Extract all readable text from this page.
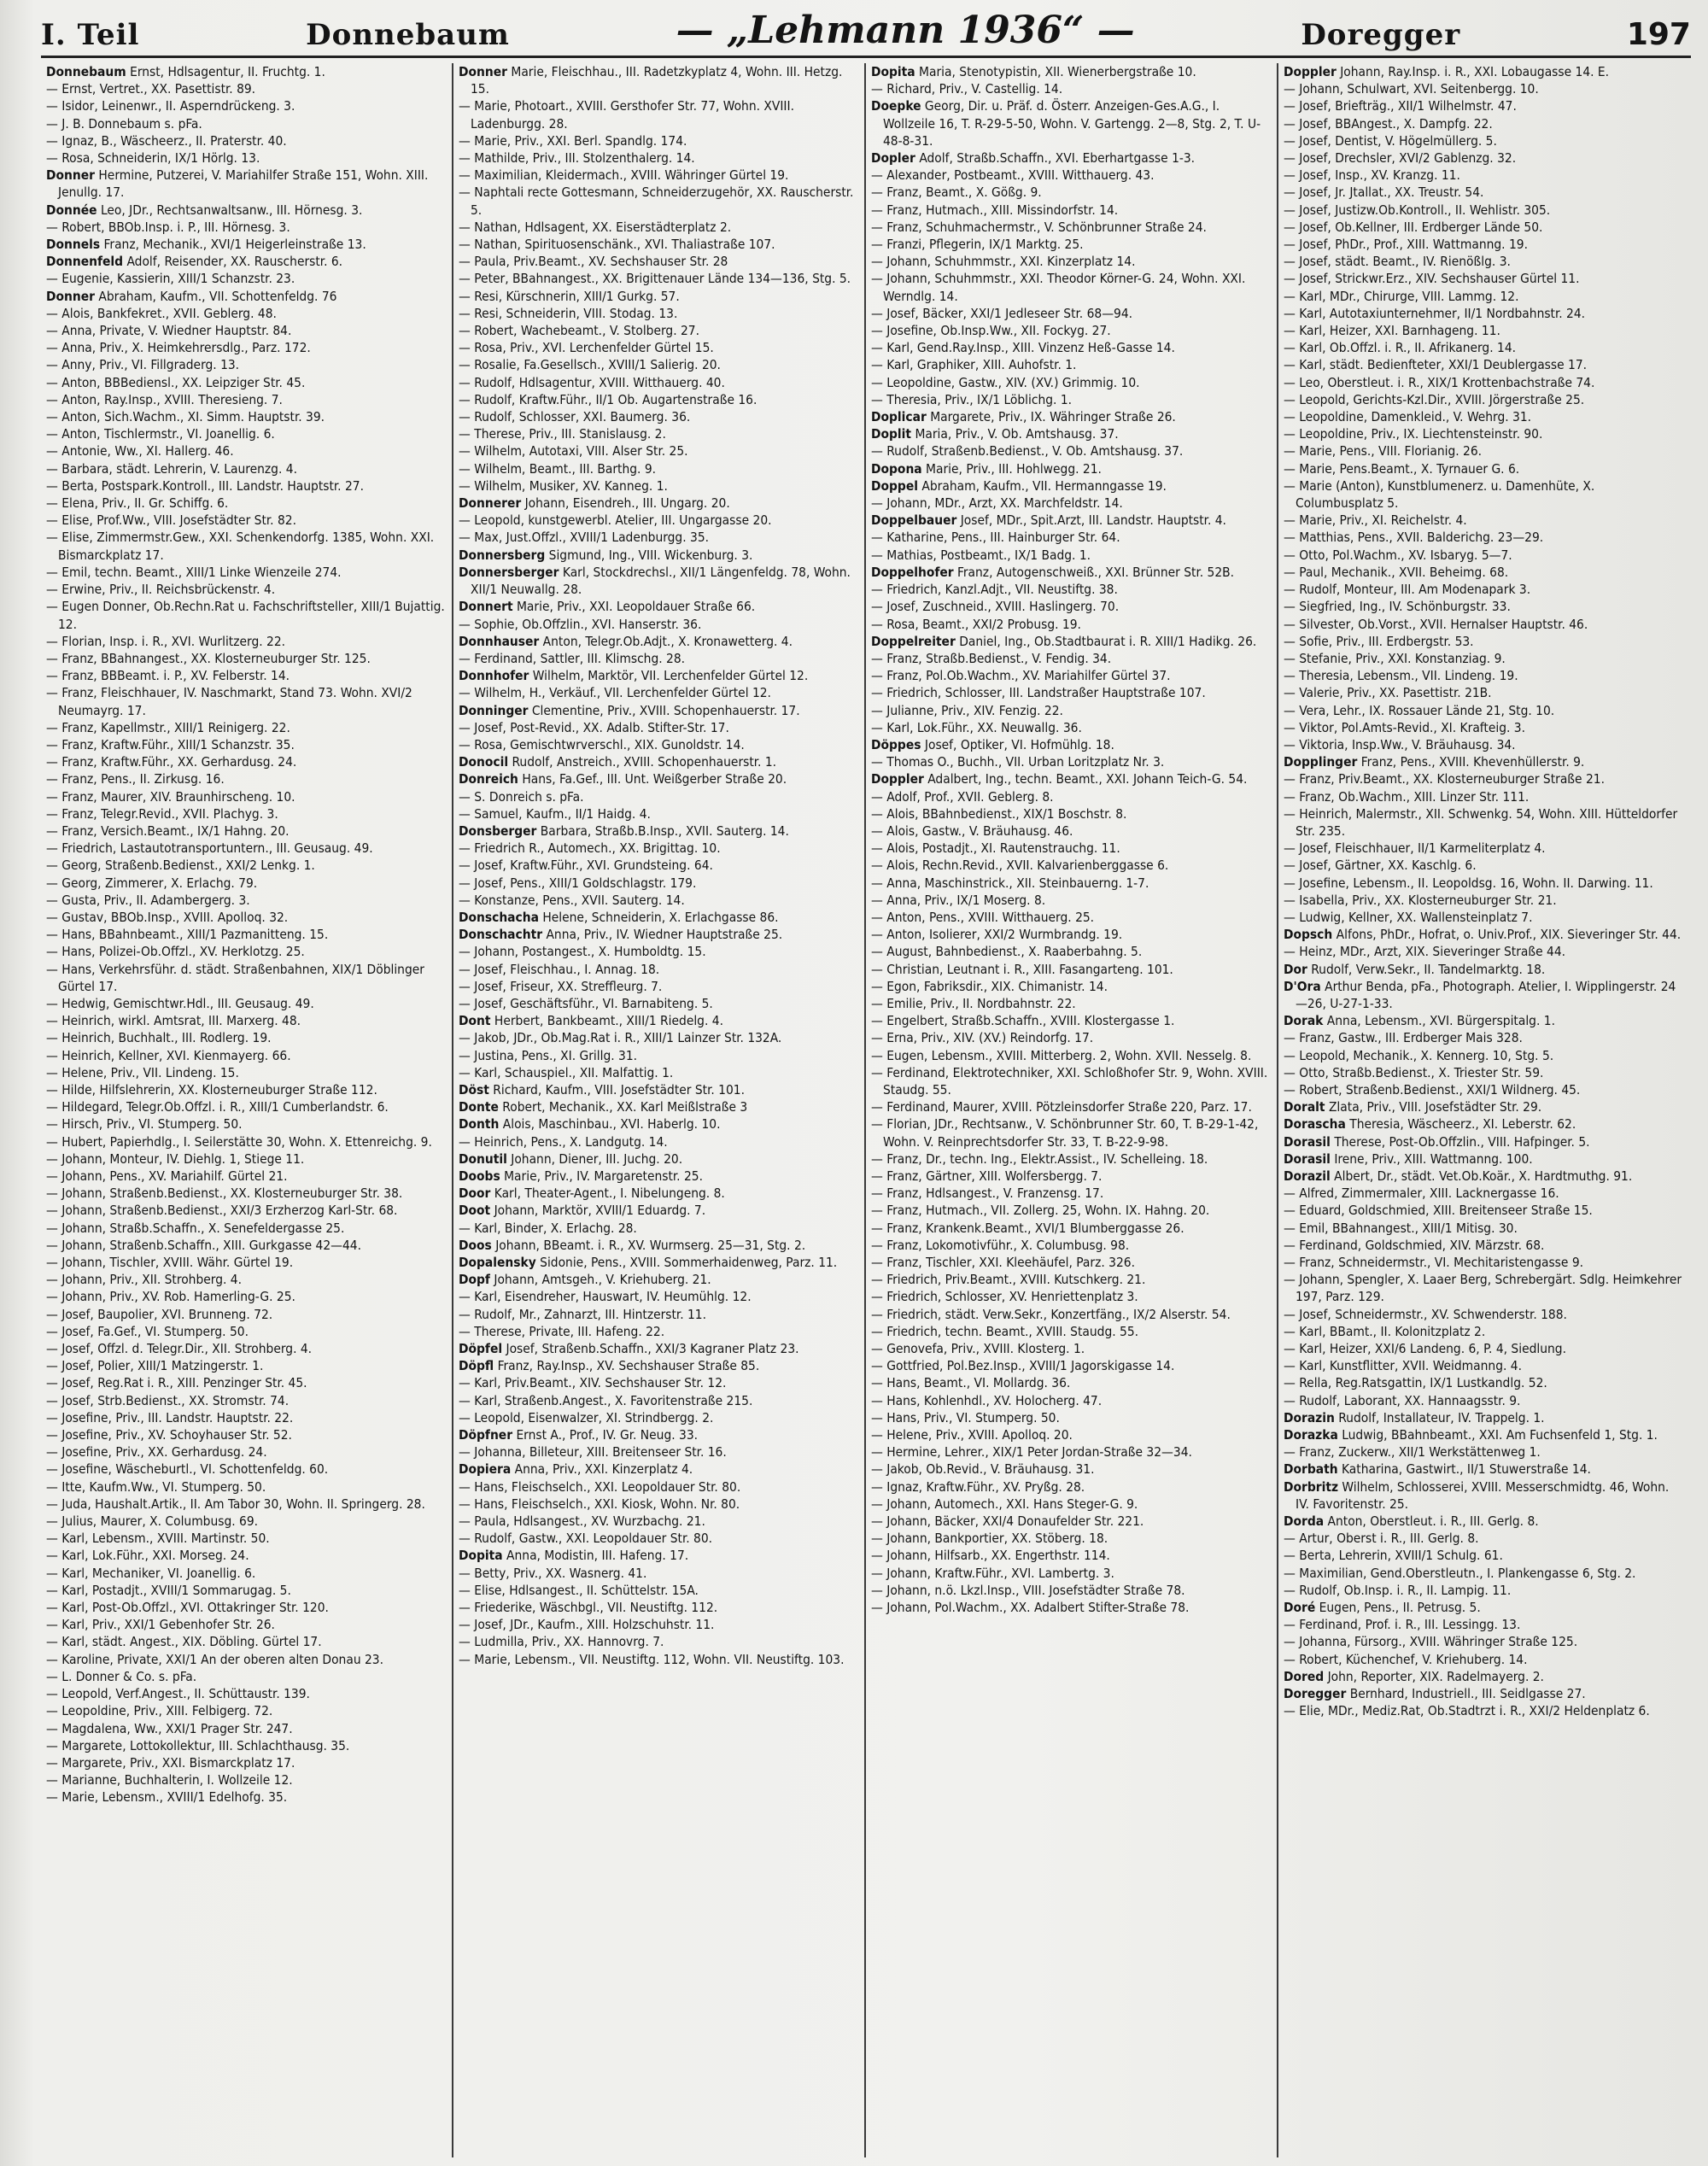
I. Teil	Donnebaum	— „Lehmann 1936“ —	Doregger	197

Donnebaum Ernst, Hdlsagentur, II. Fruchtg. 1.

— Ernst, Vertret., XX. Pasettistr. 89.

— Isidor, Leinenwr., II. Asperndrückeng. 3.

— J. B. Donnebaum s. pFa.

— Ignaz, B., Wäscheerz., II. Praterstr. 40.

— Rosa, Schneiderin, IX/1 Hörlg. 13.

Donner Hermine, Putzerei, V. Mariahilfer Straße 151, Wohn. XIII. Jenullg. 17.

Donnée Leo, JDr., Rechtsanwaltsanw., III. Hörnesg. 3.

— Robert, BBOb.Insp. i. P., III. Hörnesg. 3.

Donnels Franz, Mechanik., XVI/1 Heigerleinstraße 13.

Donnenfeld Adolf, Reisender, XX. Rauscherstr. 6.

— Eugenie, Kassierin, XIII/1 Schanzstr. 23.

Donner Abraham, Kaufm., VII. Schottenfeldg. 76

— Alois, Bankfekret., XVII. Geblerg. 48.

— Anna, Private, V. Wiedner Hauptstr. 84.

— Anna, Priv., X. Heimkehrersdlg., Parz. 172.

— Anny, Priv., VI. Fillgraderg. 13.

— Anton, BBBediensl., XX. Leipziger Str. 45.

— Anton, Ray.Insp., XVIII. Theresieng. 7.

— Anton, Sich.Wachm., XI. Simm. Hauptstr. 39.

— Anton, Tischlermstr., VI. Joanellig. 6.

— Antonie, Ww., XI. Hallerg. 46.

— Barbara, städt. Lehrerin, V. Laurenzg. 4.

— Berta, Postspark.Kontroll., III. Landstr. Hauptstr. 27.

— Elena, Priv., II. Gr. Schiffg. 6.

— Elise, Prof.Ww., VIII. Josefstädter Str. 82.

— Elise, Zimmermstr.Gew., XXI. Schenkendorfg. 1385, Wohn. XXI. Bismarckplatz 17.

— Emil, techn. Beamt., XIII/1 Linke Wienzeile 274.

— Erwine, Priv., II. Reichsbrückenstr. 4.

— Eugen Donner, Ob.Rechn.Rat u. Fachschriftsteller, XIII/1 Bujattig. 12.

— Florian, Insp. i. R., XVI. Wurlitzerg. 22.

— Franz, BBahnangest., XX. Klosterneuburger Str. 125.

— Franz, BBBeamt. i. P., XV. Felberstr. 14.

— Franz, Fleischhauer, IV. Naschmarkt, Stand 73. Wohn. XVI/2 Neumayrg. 17.

— Franz, Kapellmstr., XIII/1 Reinigerg. 22.

— Franz, Kraftw.Führ., XIII/1 Schanzstr. 35.

— Franz, Kraftw.Führ., XX. Gerhardusg. 24.

— Franz, Pens., II. Zirkusg. 16.

— Franz, Maurer, XIV. Braunhirscheng. 10.

— Franz, Telegr.Revid., XVII. Plachyg. 3.

— Franz, Versich.Beamt., IX/1 Hahng. 20.

— Friedrich, Lastautotransportuntern., III. Geusaug. 49.

— Georg, Straßenb.Bedienst., XXI/2 Lenkg. 1.

— Georg, Zimmerer, X. Erlachg. 79.

— Gusta, Priv., II. Adambergerg. 3.

— Gustav, BBOb.Insp., XVIII. Apolloq. 32.

— Hans, BBahnbeamt., XIII/1 Pazmanitteng. 15.

— Hans, Polizei-Ob.Offzl., XV. Herklotzg. 25.

— Hans, Verkehrsführ. d. städt. Straßenbahnen, XIX/1 Döblinger Gürtel 17.

— Hedwig, Gemischtwr.Hdl., III. Geusaug. 49.

— Heinrich, wirkl. Amtsrat, III. Marxerg. 48.

— Heinrich, Buchhalt., III. Rodlerg. 19.

— Heinrich, Kellner, XVI. Kienmayerg. 66.

— Helene, Priv., VII. Lindeng. 15.

— Hilde, Hilfslehrerin, XX. Klosterneuburger Straße 112.

— Hildegard, Telegr.Ob.Offzl. i. R., XIII/1 Cumberlandstr. 6.

— Hirsch, Priv., VI. Stumperg. 50.

— Hubert, Papierhdlg., I. Seilerstätte 30, Wohn. X. Ettenreichg. 9.

— Johann, Monteur, IV. Diehlg. 1, Stiege 11.

— Johann, Pens., XV. Mariahilf. Gürtel 21.

— Johann, Straßenb.Bedienst., XX. Klosterneuburger Str. 38.

— Johann, Straßenb.Bedienst., XXI/3 Erzherzog Karl-Str. 68.

— Johann, Straßb.Schaffn., X. Senefeldergasse 25.

— Johann, Straßenb.Schaffn., XIII. Gurkgasse 42—44.

— Johann, Tischler, XVIII. Währ. Gürtel 19.

— Johann, Priv., XII. Strohberg. 4.

— Johann, Priv., XV. Rob. Hamerling-G. 25.

— Josef, Baupolier, XVI. Brunneng. 72.

— Josef, Fa.Gef., VI. Stumperg. 50.

— Josef, Offzl. d. Telegr.Dir., XII. Strohberg. 4.

— Josef, Polier, XIII/1 Matzingerstr. 1.

— Josef, Reg.Rat i. R., XIII. Penzinger Str. 45.

— Josef, Strb.Bedienst., XX. Stromstr. 74.

— Josefine, Priv., III. Landstr. Hauptstr. 22.

— Josefine, Priv., XV. Schoyhauser Str. 52.

— Josefine, Priv., XX. Gerhardusg. 24.

— Josefine, Wäscheburtl., VI. Schottenfeldg. 60.

— Itte, Kaufm.Ww., VI. Stumperg. 50.

— Juda, Haushalt.Artik., II. Am Tabor 30, Wohn. II. Springerg. 28.

— Julius, Maurer, X. Columbusg. 69.

— Karl, Lebensm., XVIII. Martinstr. 50.

— Karl, Lok.Führ., XXI. Morseg. 24.

— Karl, Mechaniker, VI. Joanellig. 6.

— Karl, Postadjt., XVIII/1 Sommarugag. 5.

— Karl, Post-Ob.Offzl., XVI. Ottakringer Str. 120.

— Karl, Priv., XXI/1 Gebenhofer Str. 26.

— Karl, städt. Angest., XIX. Döbling. Gürtel 17.

— Karoline, Private, XXI/1 An der oberen alten Donau 23.

— L. Donner & Co. s. pFa.

— Leopold, Verf.Angest., II. Schüttaustr. 139.

— Leopoldine, Priv., XIII. Felbigerg. 72.

— Magdalena, Ww., XXI/1 Prager Str. 247.

— Margarete, Lottokollektur, III. Schlachthausg. 35.

— Margarete, Priv., XXI. Bismarckplatz 17.

— Marianne, Buchhalterin, I. Wollzeile 12.

— Marie, Lebensm., XVIII/1 Edelhofg. 35.

Donner Marie, Fleischhau., III. Radetzkyplatz 4, Wohn. III. Hetzg. 15.

— Marie, Photoart., XVIII. Gersthofer Str. 77, Wohn. XVIII. Ladenburgg. 28.

— Marie, Priv., XXI. Berl. Spandlg. 174.

— Mathilde, Priv., III. Stolzenthalerg. 14.

— Maximilian, Kleidermach., XVIII. Währinger Gürtel 19.

— Naphtali recte Gottesmann, Schneiderzugehör, XX. Rauscherstr. 5.

— Nathan, Hdlsagent, XX. Eiserstädterplatz 2.

— Nathan, Spirituosenschänk., XVI. Thaliastraße 107.

— Paula, Priv.Beamt., XV. Sechshauser Str. 28

— Peter, BBahnangest., XX. Brigittenauer Lände 134—136, Stg. 5.

— Resi, Kürschnerin, XIII/1 Gurkg. 57.

— Resi, Schneiderin, VIII. Stodag. 13.

— Robert, Wachebeamt., V. Stolberg. 27.

— Rosa, Priv., XVI. Lerchenfelder Gürtel 15.

— Rosalie, Fa.Gesellsch., XVIII/1 Salierig. 20.

— Rudolf, Hdlsagentur, XVIII. Witthauerg. 40.

— Rudolf, Kraftw.Führ., II/1 Ob. Augartenstraße 16.

— Rudolf, Schlosser, XXI. Baumerg. 36.

— Therese, Priv., III. Stanislausg. 2.

— Wilhelm, Autotaxi, VIII. Alser Str. 25.

— Wilhelm, Beamt., III. Barthg. 9.

— Wilhelm, Musiker, XV. Kanneg. 1.

Donnerer Johann, Eisendreh., III. Ungarg. 20.

— Leopold, kunstgewerbl. Atelier, III. Ungargasse 20.

— Max, Just.Offzl., XVIII/1 Ladenburgg. 35.

Donnersberg Sigmund, Ing., VIII. Wickenburg. 3.

Donnersberger Karl, Stockdrechsl., XII/1 Längenfeldg. 78, Wohn. XII/1 Neuwallg. 28.

Donnert Marie, Priv., XXI. Leopoldauer Straße 66.

— Sophie, Ob.Offzlin., XVI. Hanserstr. 36.

Donnhauser Anton, Telegr.Ob.Adjt., X. Kronawetterg. 4.

— Ferdinand, Sattler, III. Klimschg. 28.

Donnhofer Wilhelm, Marktör, VII. Lerchenfelder Gürtel 12.

— Wilhelm, H., Verkäuf., VII. Lerchenfelder Gürtel 12.

Donninger Clementine, Priv., XVIII. Schopenhauerstr. 17.

— Josef, Post-Revid., XX. Adalb. Stifter-Str. 17.

— Rosa, Gemischtwrverschl., XIX. Gunoldstr. 14.

Donocil Rudolf, Anstreich., XVIII. Schopenhauerstr. 1.

Donreich Hans, Fa.Gef., III. Unt. Weißgerber Straße 20.

— S. Donreich s. pFa.

— Samuel, Kaufm., II/1 Haidg. 4.

Donsberger Barbara, Straßb.B.Insp., XVII. Sauterg. 14.

— Friedrich R., Automech., XX. Brigittag. 10.

— Josef, Kraftw.Führ., XVI. Grundsteing. 64.

— Josef, Pens., XIII/1 Goldschlagstr. 179.

— Konstanze, Pens., XVII. Sauterg. 14.

Donschacha Helene, Schneiderin, X. Erlachgasse 86.

Donschachtr Anna, Priv., IV. Wiedner Hauptstraße 25.

— Johann, Postangest., X. Humboldtg. 15.

— Josef, Fleischhau., I. Annag. 18.

— Josef, Friseur, XX. Streffleurg. 7.

— Josef, Geschäftsführ., VI. Barnabiteng. 5.

Dont Herbert, Bankbeamt., XIII/1 Riedelg. 4.

— Jakob, JDr., Ob.Mag.Rat i. R., XIII/1 Lainzer Str. 132A.

— Justina, Pens., XI. Grillg. 31.

— Karl, Schauspiel., XII. Malfattig. 1.

Döst Richard, Kaufm., VIII. Josefstädter Str. 101.

Donte Robert, Mechanik., XX. Karl Meißlstraße 3

Donth Alois, Maschinbau., XVI. Haberlg. 10.

— Heinrich, Pens., X. Landgutg. 14.

Donutil Johann, Diener, III. Juchg. 20.

Doobs Marie, Priv., IV. Margaretenstr. 25.

Door Karl, Theater-Agent., I. Nibelungeng. 8.

Doot Johann, Marktör, XVIII/1 Eduardg. 7.

— Karl, Binder, X. Erlachg. 28.

Doos Johann, BBeamt. i. R., XV. Wurmserg. 25—31, Stg. 2.

Dopalensky Sidonie, Pens., XVIII. Sommerhaidenweg, Parz. 11.

Dopf Johann, Amtsgeh., V. Kriehuberg. 21.

— Karl, Eisendreher, Hauswart, IV. Heumühlg. 12.

— Rudolf, Mr., Zahnarzt, III. Hintzerstr. 11.

— Therese, Private, III. Hafeng. 22.

Döpfel Josef, Straßenb.Schaffn., XXI/3 Kagraner Platz 23.

Döpfl Franz, Ray.Insp., XV. Sechshauser Straße 85.

— Karl, Priv.Beamt., XIV. Sechshauser Str. 12.

— Karl, Straßenb.Angest., X. Favoritenstraße 215.

— Leopold, Eisenwalzer, XI. Strindbergg. 2.

Döpfner Ernst A., Prof., IV. Gr. Neug. 33.

— Johanna, Billeteur, XIII. Breitenseer Str. 16.

Dopiera Anna, Priv., XXI. Kinzerplatz 4.

— Hans, Fleischselch., XXI. Leopoldauer Str. 80.

— Hans, Fleischselch., XXI. Kiosk, Wohn. Nr. 80.

— Paula, Hdlsangest., XV. Wurzbachg. 21.

— Rudolf, Gastw., XXI. Leopoldauer Str. 80.

Dopita Anna, Modistin, III. Hafeng. 17.

— Betty, Priv., XX. Wasnerg. 41.

— Elise, Hdlsangest., II. Schüttelstr. 15A.

— Friederike, Wäschbgl., VII. Neustiftg. 112.

— Josef, JDr., Kaufm., XIII. Holzschuhstr. 11.

— Ludmilla, Priv., XX. Hannovrg. 7.

— Marie, Lebensm., VII. Neustiftg. 112, Wohn. VII. Neustiftg. 103.

Dopita Maria, Stenotypistin, XII. Wienerbergstraße 10.

— Richard, Priv., V. Castellig. 14.

Doepke Georg, Dir. u. Präf. d. Österr. Anzeigen-Ges.A.G., I. Wollzeile 16, T. R-29-5-50, Wohn. V. Gartengg. 2—8, Stg. 2, T. U-48-8-31.

Dopler Adolf, Straßb.Schaffn., XVI. Eberhartgasse 1-3.

— Alexander, Postbeamt., XVIII. Witthauerg. 43.

— Franz, Beamt., X. Gößg. 9.

— Franz, Hutmach., XIII. Missindorfstr. 14.

— Franz, Schuhmachermstr., V. Schönbrunner Straße 24.

— Franzi, Pflegerin, IX/1 Marktg. 25.

— Johann, Schuhmmstr., XXI. Kinzerplatz 14.

— Johann, Schuhmmstr., XXI. Theodor Körner-G. 24, Wohn. XXI. Werndlg. 14.

— Josef, Bäcker, XXI/1 Jedleseer Str. 68—94.

— Josefine, Ob.Insp.Ww., XII. Fockyg. 27.

— Karl, Gend.Ray.Insp., XIII. Vinzenz Heß-Gasse 14.

— Karl, Graphiker, XIII. Auhofstr. 1.

— Leopoldine, Gastw., XIV. (XV.) Grimmig. 10.

— Theresia, Priv., IX/1 Löblichg. 1.

Doplicar Margarete, Priv., IX. Währinger Straße 26.

Doplit Maria, Priv., V. Ob. Amtshausg. 37.

— Rudolf, Straßenb.Bedienst., V. Ob. Amtshausg. 37.

Dopona Marie, Priv., III. Hohlwegg. 21.

Doppel Abraham, Kaufm., VII. Hermanngasse 19.

— Johann, MDr., Arzt, XX. Marchfeldstr. 14.

Doppelbauer Josef, MDr., Spit.Arzt, III. Landstr. Hauptstr. 4.

— Katharine, Pens., III. Hainburger Str. 64.

— Mathias, Postbeamt., IX/1 Badg. 1.

Doppelhofer Franz, Autogenschweiß., XXI. Brünner Str. 52B.

— Friedrich, Kanzl.Adjt., VII. Neustiftg. 38.

— Josef, Zuschneid., XVIII. Haslingerg. 70.

— Rosa, Beamt., XXI/2 Probusg. 19.

Doppelreiter Daniel, Ing., Ob.Stadtbaurat i. R. XIII/1 Hadikg. 26.

— Franz, Straßb.Bedienst., V. Fendig. 34.

— Franz, Pol.Ob.Wachm., XV. Mariahilfer Gürtel 37.

— Friedrich, Schlosser, III. Landstraßer Hauptstraße 107.

— Julianne, Priv., XIV. Fenzig. 22.

— Karl, Lok.Führ., XX. Neuwallg. 36.

Döppes Josef, Optiker, VI. Hofmühlg. 18.

— Thomas O., Buchh., VII. Urban Loritzplatz Nr. 3.

Doppler Adalbert, Ing., techn. Beamt., XXI. Johann Teich-G. 54.

— Adolf, Prof., XVII. Geblerg. 8.

— Alois, BBahnbedienst., XIX/1 Boschstr. 8.

— Alois, Gastw., V. Bräuhausg. 46.

— Alois, Postadjt., XI. Rautenstrauchg. 11.

— Alois, Rechn.Revid., XVII. Kalvarienberggasse 6.

— Anna, Maschinstrick., XII. Steinbauerng. 1-7.

— Anna, Priv., IX/1 Moserg. 8.

— Anton, Pens., XVIII. Witthauerg. 25.

— Anton, Isolierer, XXI/2 Wurmbrandg. 19.

— August, Bahnbedienst., X. Raaberbahng. 5.

— Christian, Leutnant i. R., XIII. Fasangarteng. 101.

— Egon, Fabriksdir., XIX. Chimanistr. 14.

— Emilie, Priv., II. Nordbahnstr. 22.

— Engelbert, Straßb.Schaffn., XVIII. Klostergasse 1.

— Erna, Priv., XIV. (XV.) Reindorfg. 17.

— Eugen, Lebensm., XVIII. Mitterberg. 2, Wohn. XVII. Nesselg. 8.

— Ferdinand, Elektrotechniker, XXI. Schloßhofer Str. 9, Wohn. XVIII. Staudg. 55.

— Ferdinand, Maurer, XVIII. Pötzleinsdorfer Straße 220, Parz. 17.

— Florian, JDr., Rechtsanw., V. Schönbrunner Str. 60, T. B-29-1-42, Wohn. V. Reinprechtsdorfer Str. 33, T. B-22-9-98.

— Franz, Dr., techn. Ing., Elektr.Assist., IV. Schelleing. 18.

— Franz, Gärtner, XIII. Wolfersbergg. 7.

— Franz, Hdlsangest., V. Franzensg. 17.

— Franz, Hutmach., VII. Zollerg. 25, Wohn. IX. Hahng. 20.

— Franz, Krankenk.Beamt., XVI/1 Blumberggasse 26.

— Franz, Lokomotivführ., X. Columbusg. 98.

— Franz, Tischler, XXI. Kleehäufel, Parz. 326.

— Friedrich, Priv.Beamt., XVIII. Kutschkerg. 21.

— Friedrich, Schlosser, XV. Henriettenplatz 3.

— Friedrich, städt. Verw.Sekr., Konzertfäng., IX/2 Alserstr. 54.

— Friedrich, techn. Beamt., XVIII. Staudg. 55.

— Genovefa, Priv., XVIII. Klosterg. 1.

— Gottfried, Pol.Bez.Insp., XVIII/1 Jagorskigasse 14.

— Hans, Beamt., VI. Mollardg. 36.

— Hans, Kohlenhdl., XV. Holocherg. 47.

— Hans, Priv., VI. Stumperg. 50.

— Helene, Priv., XVIII. Apolloq. 20.

— Hermine, Lehrer., XIX/1 Peter Jordan-Straße 32—34.

— Jakob, Ob.Revid., V. Bräuhausg. 31.

— Ignaz, Kraftw.Führ., XV. Pryßg. 28.

— Johann, Automech., XXI. Hans Steger-G. 9.

— Johann, Bäcker, XXI/4 Donaufelder Str. 221.

— Johann, Bankportier, XX. Stöberg. 18.

— Johann, Hilfsarb., XX. Engerthstr. 114.

— Johann, Kraftw.Führ., XVI. Lambertg. 3.

— Johann, n.ö. Lkzl.Insp., VIII. Josefstädter Straße 78.

— Johann, Pol.Wachm., XX. Adalbert Stifter-Straße 78.

Doppler Johann, Ray.Insp. i. R., XXI. Lobaugasse 14. E.

— Johann, Schulwart, XVI. Seitenbergg. 10.

— Josef, Briefträg., XII/1 Wilhelmstr. 47.

— Josef, BBAngest., X. Dampfg. 22.

— Josef, Dentist, V. Högelmüllerg. 5.

— Josef, Drechsler, XVI/2 Gablenzg. 32.

— Josef, Insp., XV. Kranzg. 11.

— Josef, Jr. Jtallat., XX. Treustr. 54.

— Josef, Justizw.Ob.Kontroll., II. Wehlistr. 305.

— Josef, Ob.Kellner, III. Erdberger Lände 50.

— Josef, PhDr., Prof., XIII. Wattmanng. 19.

— Josef, städt. Beamt., IV. Rienößlg. 3.

— Josef, Strickwr.Erz., XIV. Sechshauser Gürtel 11.

— Karl, MDr., Chirurge, VIII. Lammg. 12.

— Karl, Autotaxiunternehmer, II/1 Nordbahnstr. 24.

— Karl, Heizer, XXI. Barnhageng. 11.

— Karl, Ob.Offzl. i. R., II. Afrikanerg. 14.

— Karl, städt. Bedienfteter, XXI/1 Deublergasse 17.

— Leo, Oberstleut. i. R., XIX/1 Krottenbachstraße 74.

— Leopold, Gerichts-Kzl.Dir., XVIII. Jörgerstraße 25.

— Leopoldine, Damenkleid., V. Wehrg. 31.

— Leopoldine, Priv., IX. Liechtensteinstr. 90.

— Marie, Pens., VIII. Florianig. 26.

— Marie, Pens.Beamt., X. Tyrnauer G. 6.

— Marie (Anton), Kunstblumenerz. u. Damenhüte, X. Columbusplatz 5.

— Marie, Priv., XI. Reichelstr. 4.

— Matthias, Pens., XVII. Balderichg. 23—29.

— Otto, Pol.Wachm., XV. Isbaryg. 5—7.

— Paul, Mechanik., XVII. Beheimg. 68.

— Rudolf, Monteur, III. Am Modenapark 3.

— Siegfried, Ing., IV. Schönburgstr. 33.

— Silvester, Ob.Vorst., XVII. Hernalser Hauptstr. 46.

— Sofie, Priv., III. Erdbergstr. 53.

— Stefanie, Priv., XXI. Konstanziag. 9.

— Theresia, Lebensm., VII. Lindeng. 19.

— Valerie, Priv., XX. Pasettistr. 21B.

— Vera, Lehr., IX. Rossauer Lände 21, Stg. 10.

— Viktor, Pol.Amts-Revid., XI. Krafteig. 3.

— Viktoria, Insp.Ww., V. Bräuhausg. 34.

Dopplinger Franz, Pens., XVIII. Khevenhüllerstr. 9.

— Franz, Priv.Beamt., XX. Klosterneuburger Straße 21.

— Franz, Ob.Wachm., XIII. Linzer Str. 111.

— Heinrich, Malermstr., XII. Schwenkg. 54, Wohn. XIII. Hütteldorfer Str. 235.

— Josef, Fleischhauer, II/1 Karmeliterplatz 4.

— Josef, Gärtner, XX. Kaschlg. 6.

— Josefine, Lebensm., II. Leopoldsg. 16, Wohn. II. Darwing. 11.

— Isabella, Priv., XX. Klosterneuburger Str. 21.

— Ludwig, Kellner, XX. Wallensteinplatz 7.

Dopsch Alfons, PhDr., Hofrat, o. Univ.Prof., XIX. Sieveringer Str. 44.

— Heinz, MDr., Arzt, XIX. Sieveringer Straße 44.

Dor Rudolf, Verw.Sekr., II. Tandelmarktg. 18.

D'Ora Arthur Benda, pFa., Photograph. Atelier, I. Wipplingerstr. 24—26, U-27-1-33.

Dorak Anna, Lebensm., XVI. Bürgerspitalg. 1.

— Franz, Gastw., III. Erdberger Mais 328.

— Leopold, Mechanik., X. Kennerg. 10, Stg. 5.

— Otto, Straßb.Bedienst., X. Triester Str. 59.

— Robert, Straßenb.Bedienst., XXI/1 Wildnerg. 45.

Doralt Zlata, Priv., VIII. Josefstädter Str. 29.

Dorascha Theresia, Wäscheerz., XI. Leberstr. 62.

Dorasil Therese, Post-Ob.Offzlin., VIII. Hafpinger. 5.

Dorasil Irene, Priv., XIII. Wattmanng. 100.

Dorazil Albert, Dr., städt. Vet.Ob.Koär., X. Hardtmuthg. 91.

— Alfred, Zimmermaler, XIII. Lacknergasse 16.

— Eduard, Goldschmied, XIII. Breitenseer Straße 15.

— Emil, BBahnangest., XIII/1 Mitisg. 30.

— Ferdinand, Goldschmied, XIV. Märzstr. 68.

— Franz, Schneidermstr., VI. Mechitaristengasse 9.

— Johann, Spengler, X. Laaer Berg, Schrebergärt. Sdlg. Heimkehrer 197, Parz. 129.

— Josef, Schneidermstr., XV. Schwenderstr. 188.

— Karl, BBamt., II. Kolonitzplatz 2.

— Karl, Heizer, XXI/6 Landeng. 6, P. 4, Siedlung.

— Karl, Kunstflitter, XVII. Weidmanng. 4.

— Rella, Reg.Ratsgattin, IX/1 Lustkandlg. 52.

— Rudolf, Laborant, XX. Hannaagsstr. 9.

Dorazin Rudolf, Installateur, IV. Trappelg. 1.

Dorazka Ludwig, BBahnbeamt., XXI. Am Fuchsenfeld 1, Stg. 1.

— Franz, Zuckerw., XII/1 Werkstättenweg 1.

Dorbath Katharina, Gastwirt., II/1 Stuwerstraße 14.

Dorbritz Wilhelm, Schlosserei, XVIII. Messerschmidtg. 46, Wohn. IV. Favoritenstr. 25.

Dorda Anton, Oberstleut. i. R., III. Gerlg. 8.

— Artur, Oberst i. R., III. Gerlg. 8.

— Berta, Lehrerin, XVIII/1 Schulg. 61.

— Maximilian, Gend.Oberstleutn., I. Plankengasse 6, Stg. 2.

— Rudolf, Ob.Insp. i. R., II. Lampig. 11.

Doré Eugen, Pens., II. Petrusg. 5.

— Ferdinand, Prof. i. R., III. Lessingg. 13.

— Johanna, Fürsorg., XVIII. Währinger Straße 125.

— Robert, Küchenchef, V. Kriehuberg. 14.

Dored John, Reporter, XIX. Radelmayerg. 2.

Doregger Bernhard, Industriell., III. Seidlgasse 27.

— Elie, MDr., Mediz.Rat, Ob.Stadtrzt i. R., XXI/2 Heldenplatz 6.
